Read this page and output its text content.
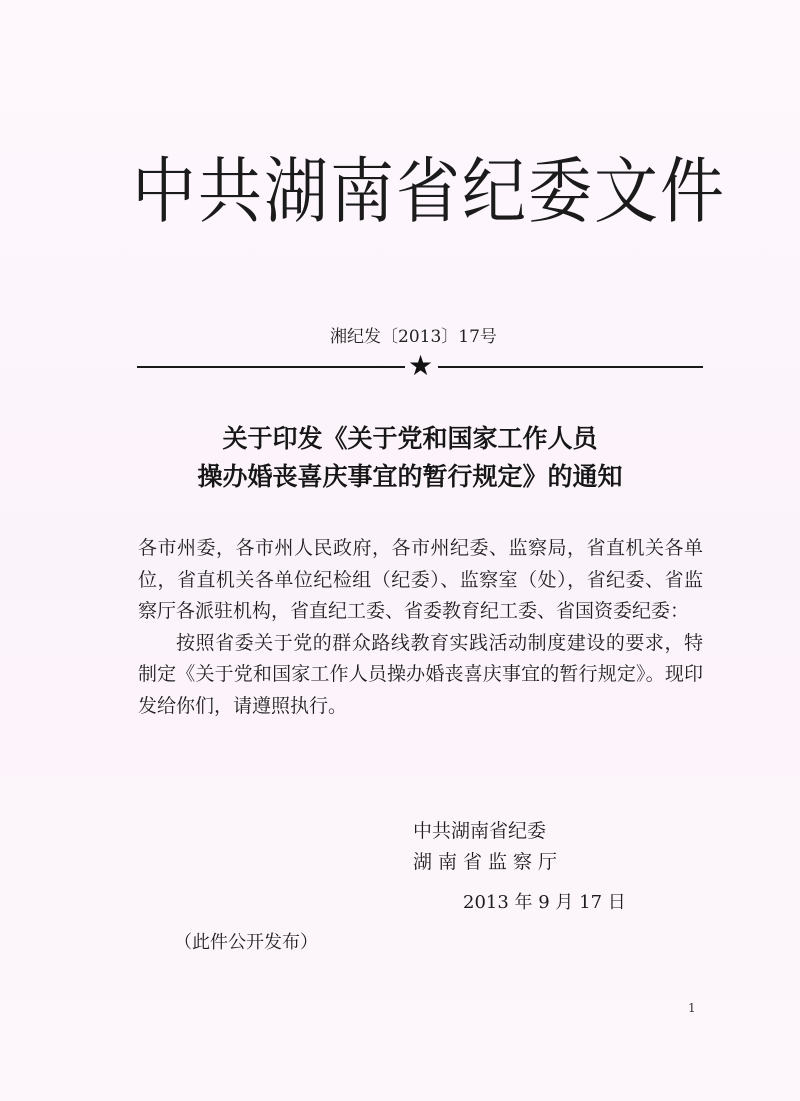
中共湖南省纪委文件
湘纪发〔2013〕17号
★
关于印发《关于党和国家工作人员
操办婚丧喜庆事宜的暂行规定》的通知

各市州委，各市州人民政府，各市州纪委、监察局，省直机关各单位，省直机关各单位纪检组（纪委）、监察室（处），省纪委、省监察厅各派驻机构，省直纪工委、省委教育纪工委、省国资委纪委：

按照省委关于党的群众路线教育实践活动制度建设的要求，特制定《关于党和国家工作人员操办婚丧喜庆事宜的暂行规定》。现印发给你们，请遵照执行。

中共湖南省纪委
湖南省监察厅
2013 年 9 月 17 日
（此件公开发布）
1
